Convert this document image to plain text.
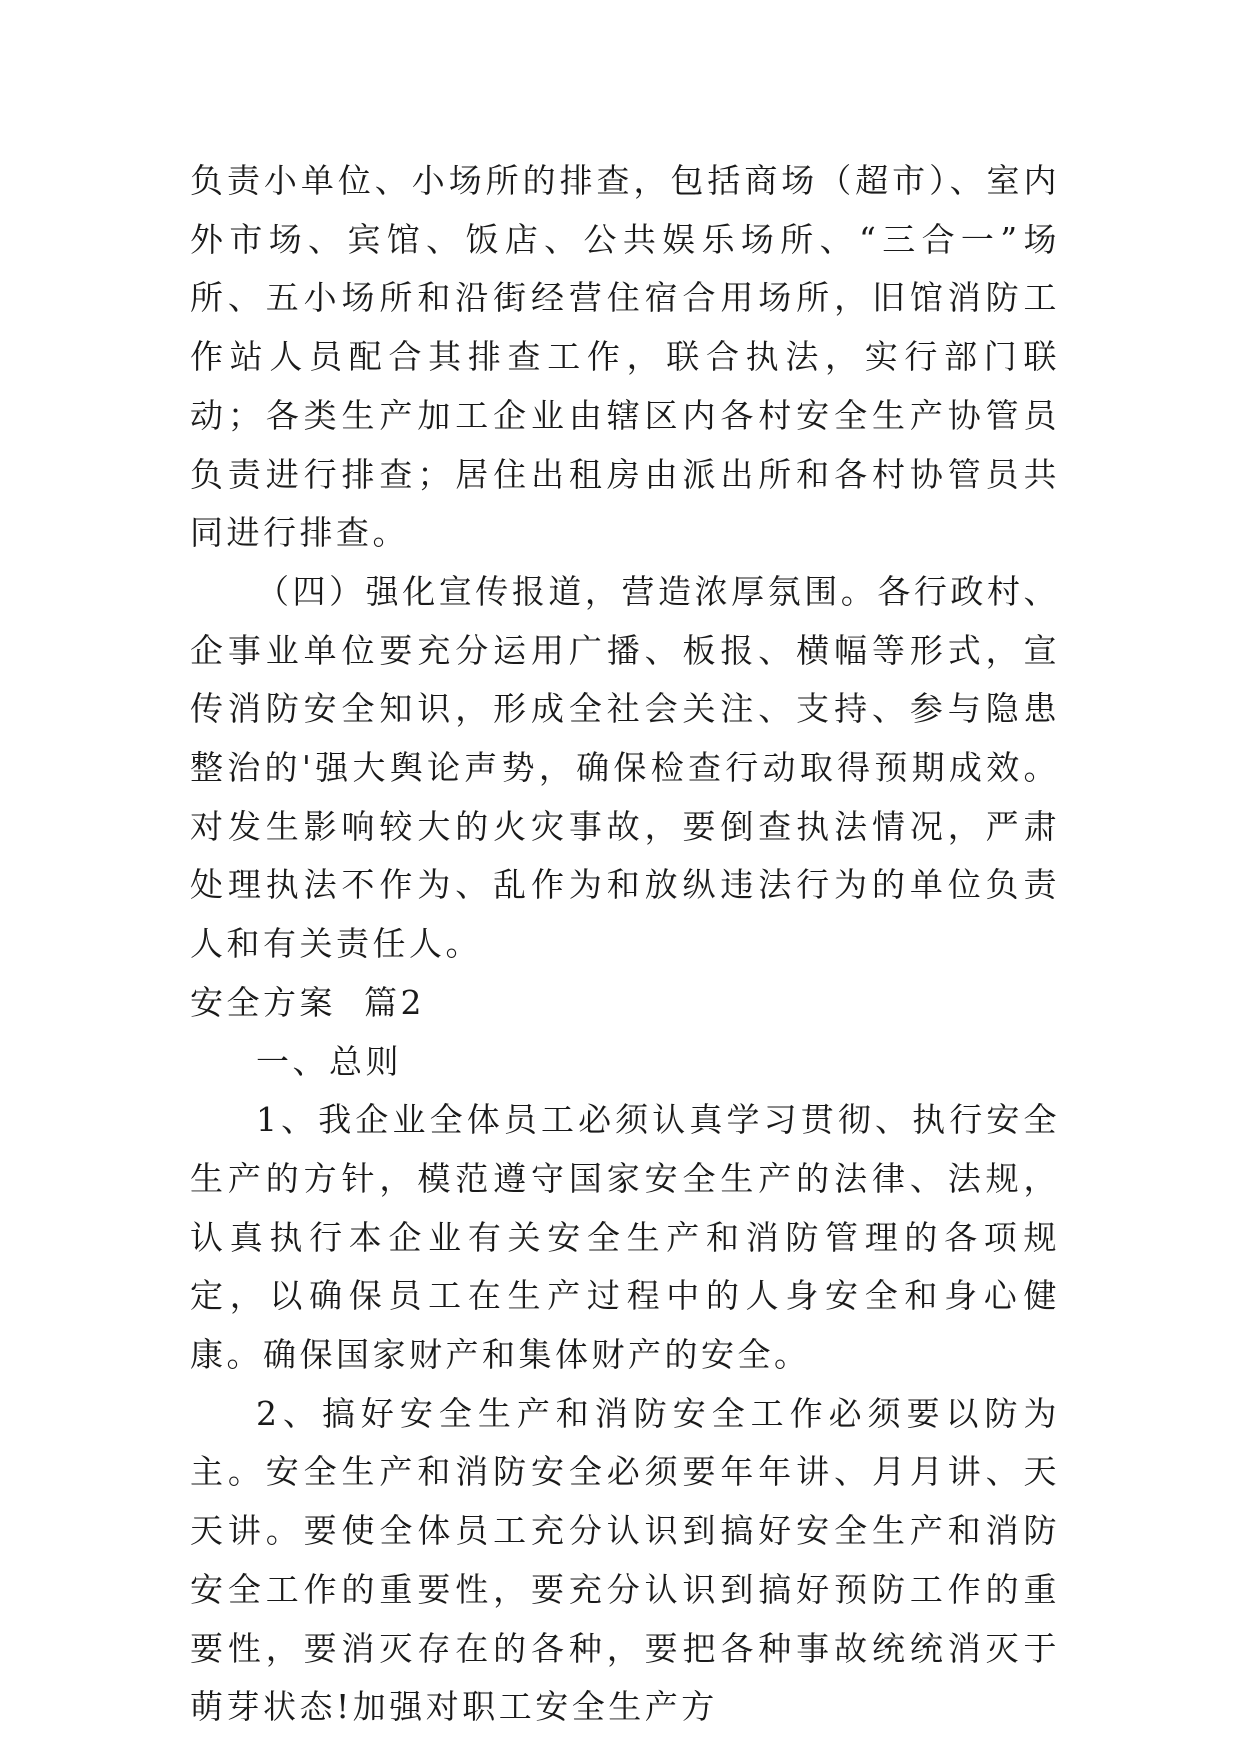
负责小单位、小场所的排查，包括商场（超市）、室内外市场、宾馆、饭店、公共娱乐场所、“三合一”场所、五小场所和沿街经营住宿合用场所，旧馆消防工作站人员配合其排查工作，联合执法，实行部门联动；各类生产加工企业由辖区内各村安全生产协管员负责进行排查；居住出租房由派出所和各村协管员共同进行排查。

（四）强化宣传报道，营造浓厚氛围。各行政村、企事业单位要充分运用广播、板报、横幅等形式，宣传消防安全知识，形成全社会关注、支持、参与隐患整治的'强大舆论声势，确保检查行动取得预期成效。对发生影响较大的火灾事故，要倒查执法情况，严肃处理执法不作为、乱作为和放纵违法行为的单位负责人和有关责任人。

安全方案  篇2

一、总则

1、我企业全体员工必须认真学习贯彻、执行安全生产的方针，模范遵守国家安全生产的法律、法规，认真执行本企业有关安全生产和消防管理的各项规定，以确保员工在生产过程中的人身安全和身心健康。确保国家财产和集体财产的安全。

2、搞好安全生产和消防安全工作必须要以防为主。安全生产和消防安全必须要年年讲、月月讲、天天讲。要使全体员工充分认识到搞好安全生产和消防安全工作的重要性，要充分认识到搞好预防工作的重要性，要消灭存在的各种，要把各种事故统统消灭于萌芽状态!加强对职工安全生产方
